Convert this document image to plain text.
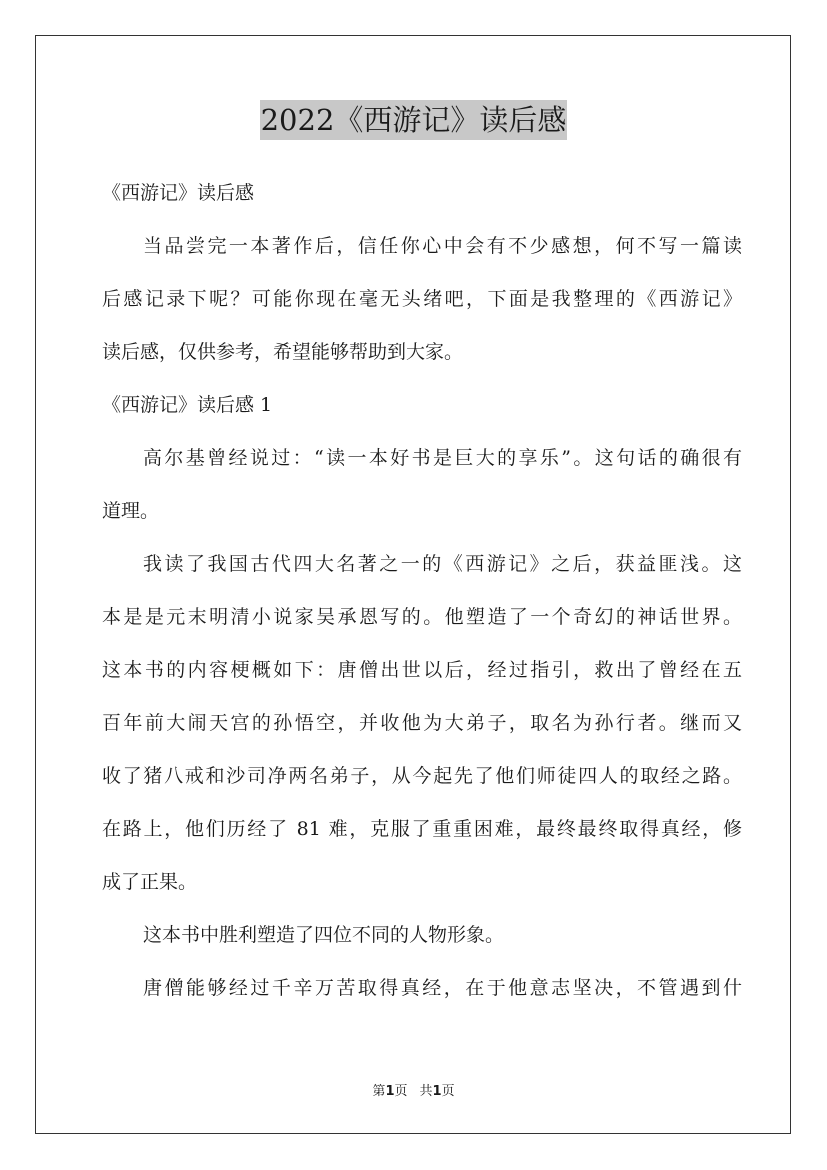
2022《西游记》读后感
《西游记》读后感
当品尝完一本著作后，信任你心中会有不少感想，何不写一篇读
后感记录下呢？可能你现在毫无头绪吧，下面是我整理的《西游记》
读后感，仅供参考，希望能够帮助到大家。
《西游记》读后感 1
高尔基曾经说过：“读一本好书是巨大的享乐”。这句话的确很有
道理。
我读了我国古代四大名著之一的《西游记》之后，获益匪浅。这
本是是元末明清小说家吴承恩写的。他塑造了一个奇幻的神话世界。
这本书的内容梗概如下：唐僧出世以后，经过指引，救出了曾经在五
百年前大闹天宫的孙悟空，并收他为大弟子，取名为孙行者。继而又
收了猪八戒和沙司净两名弟子，从今起先了他们师徒四人的取经之路。
在路上，他们历经了 81 难，克服了重重困难，最终最终取得真经，修
成了正果。
这本书中胜利塑造了四位不同的人物形象。
唐僧能够经过千辛万苦取得真经，在于他意志坚决，不管遇到什
第1页 共1页
